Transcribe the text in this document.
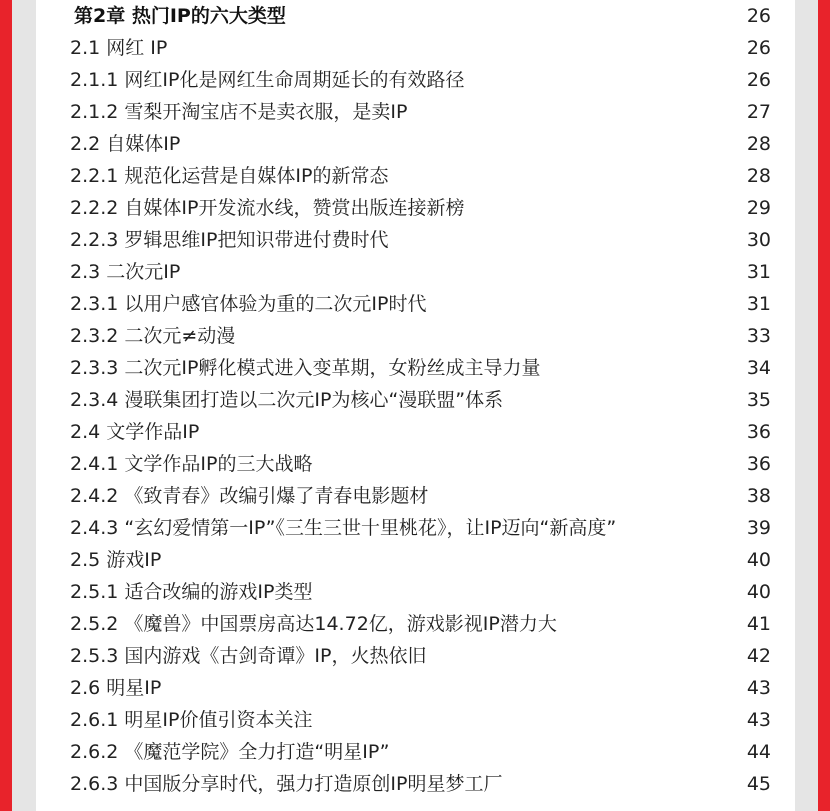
第2章 热门IP的六大类型	26
2.1 网红 IP	26
2.1.1 网红IP化是网红生命周期延长的有效路径	26
2.1.2 雪梨开淘宝店不是卖衣服，是卖IP	27
2.2 自媒体IP	28
2.2.1 规范化运营是自媒体IP的新常态	28
2.2.2 自媒体IP开发流水线，赞赏出版连接新榜	29
2.2.3 罗辑思维IP把知识带进付费时代	30
2.3 二次元IP	31
2.3.1 以用户感官体验为重的二次元IP时代	31
2.3.2 二次元≠动漫	33
2.3.3 二次元IP孵化模式进入变革期，女粉丝成主导力量	34
2.3.4 漫联集团打造以二次元IP为核心“漫联盟”体系	35
2.4 文学作品IP	36
2.4.1 文学作品IP的三大战略	36
2.4.2 《致青春》改编引爆了青春电影题材	38
2.4.3 “玄幻爱情第一IP”《三生三世十里桃花》，让IP迈向“新高度”	39
2.5 游戏IP	40
2.5.1 适合改编的游戏IP类型	40
2.5.2 《魔兽》中国票房高达14.72亿，游戏影视IP潜力大	41
2.5.3 国内游戏《古剑奇谭》IP，火热依旧	42
2.6 明星IP	43
2.6.1 明星IP价值引资本关注	43
2.6.2 《魔范学院》全力打造“明星IP”	44
2.6.3 中国版分享时代，强力打造原创IP明星梦工厂	45
